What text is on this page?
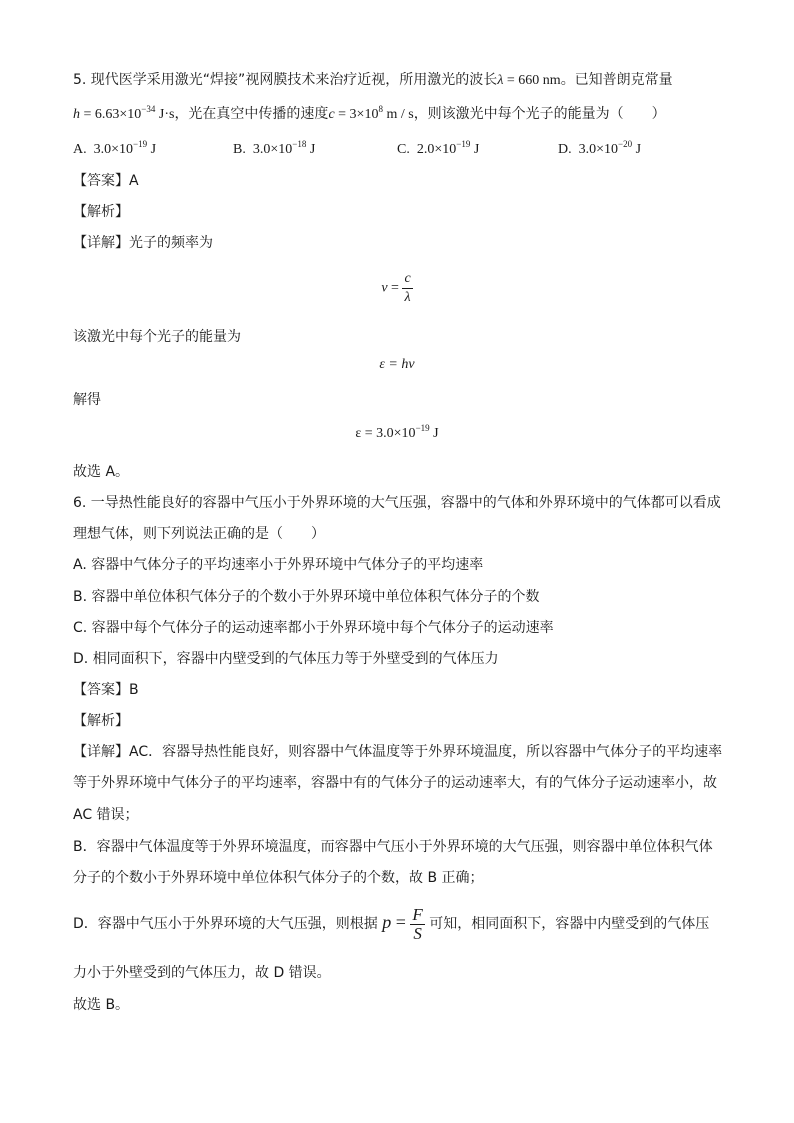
5. 现代医学采用激光“焊接”视网膜技术来治疗近视，所用激光的波长λ = 660 nm。已知普朗克常量
$h = 6.63\times 10^{-34}$ J·s，光在真空中传播的速度$c = 3\times 10^8$ m / s，则该激光中每个光子的能量为（　　）
A. $3.0\times 10^{-19}$ J	B. $3.0\times 10^{-18}$ J	C. $2.0\times 10^{-19}$ J	D. $3.0\times 10^{-20}$ J
【答案】A
【解析】
【详解】光子的频率为
$\nu = \frac{c}{\lambda}$
该激光中每个光子的能量为
ε = hν
解得
$\varepsilon = 3.0\times 10^{-19}$ J
故选 A。
6. 一导热性能良好的容器中气压小于外界环境的大气压强，容器中的气体和外界环境中的气体都可以看成
理想气体，则下列说法正确的是（　　）
A. 容器中气体分子的平均速率小于外界环境中气体分子的平均速率
B. 容器中单位体积气体分子的个数小于外界环境中单位体积气体分子的个数
C. 容器中每个气体分子的运动速率都小于外界环境中每个气体分子的运动速率
D. 相同面积下，容器中内壁受到的气体压力等于外壁受到的气体压力
【答案】B
【解析】
【详解】AC．容器导热性能良好，则容器中气体温度等于外界环境温度，所以容器中气体分子的平均速率
等于外界环境中气体分子的平均速率，容器中有的气体分子的运动速率大，有的气体分子运动速率小，故
AC 错误；
B．容器中气体温度等于外界环境温度，而容器中气压小于外界环境的大气压强，则容器中单位体积气体
分子的个数小于外界环境中单位体积气体分子的个数，故 B 正确；
D．容器中气压小于外界环境的大气压强，则根据 $p = \frac{F}{S}$ 可知，相同面积下，容器中内壁受到的气体压
力小于外壁受到的气体压力，故 D 错误。
故选 B。
